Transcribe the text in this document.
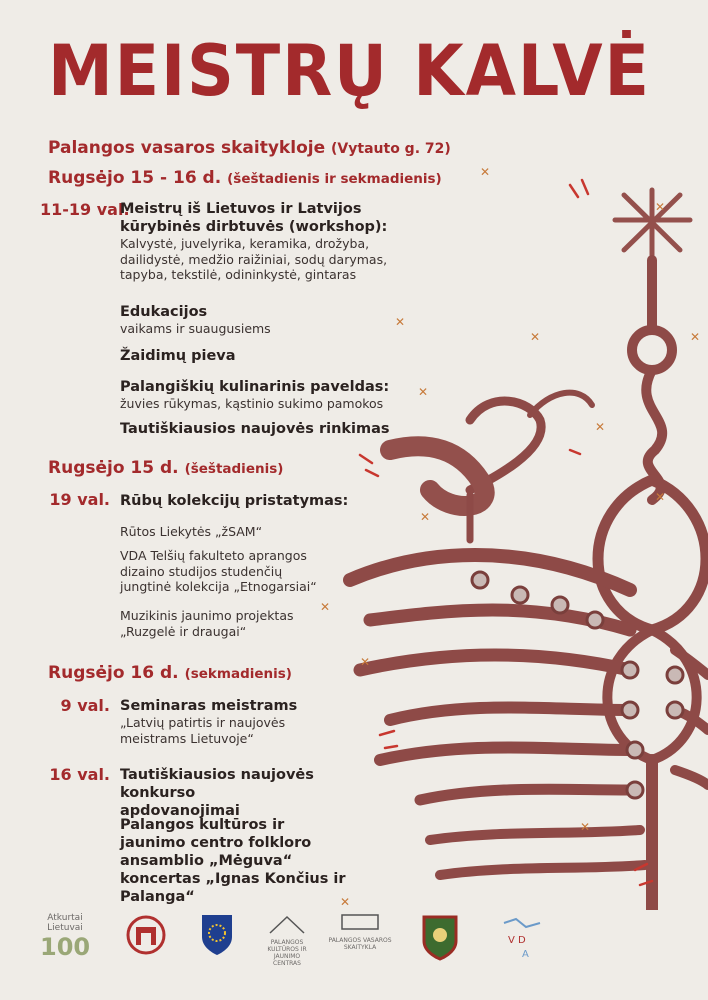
✕
✕
✕
✕
✕
✕
✕
✕
✕
✕
✕
✕
✕
MEISTRŲ KALVĖ
Palangos vasaros skaitykloje (Vytauto g. 72)
Rugsėjo 15 - 16 d. (šeštadienis ir sekmadienis)
11-19 val.
Meistrų iš Lietuvos ir Latvijos kūrybinės dirbtuvės (workshop):
Kalvystė, juvelyrika, keramika, drožyba, dailidystė, medžio raižiniai, sodų darymas, tapyba, tekstilė, odininkystė, gintaras
Edukacijos
vaikams ir suaugusiems
Žaidimų pieva
Palangiškių kulinarinis paveldas:
žuvies rūkymas, kąstinio sukimo pamokos
Tautiškiausios naujovės rinkimas
Rugsėjo 15 d. (šeštadienis)
19 val. Rūbų kolekcijų pristatymas:
Rūtos Liekytės „žSAM“
VDA Telšių fakulteto aprangos dizaino studijos studenčių jungtinė kolekcija „Etnogarsiai“
Muzikinis jaunimo projektas „Ruzgelė ir draugai“
Rugsėjo 16 d. (sekmadienis)
9 val. Seminaras meistrams
„Latvių patirtis ir naujovės meistrams Lietuvoje“
16 val. Tautiškiausios naujovės konkurso apdovanojimai
Palangos kultūros ir jaunimo centro folkloro ansamblio „Mėguva“ koncertas „Ignas Končius ir Palanga“
Atkurtai
Lietuvai
100	PALANGOS KULTŪROS IR JAUNIMO CENTRAS
PALANGOS VASAROS SKAITYKLA
V D
A
